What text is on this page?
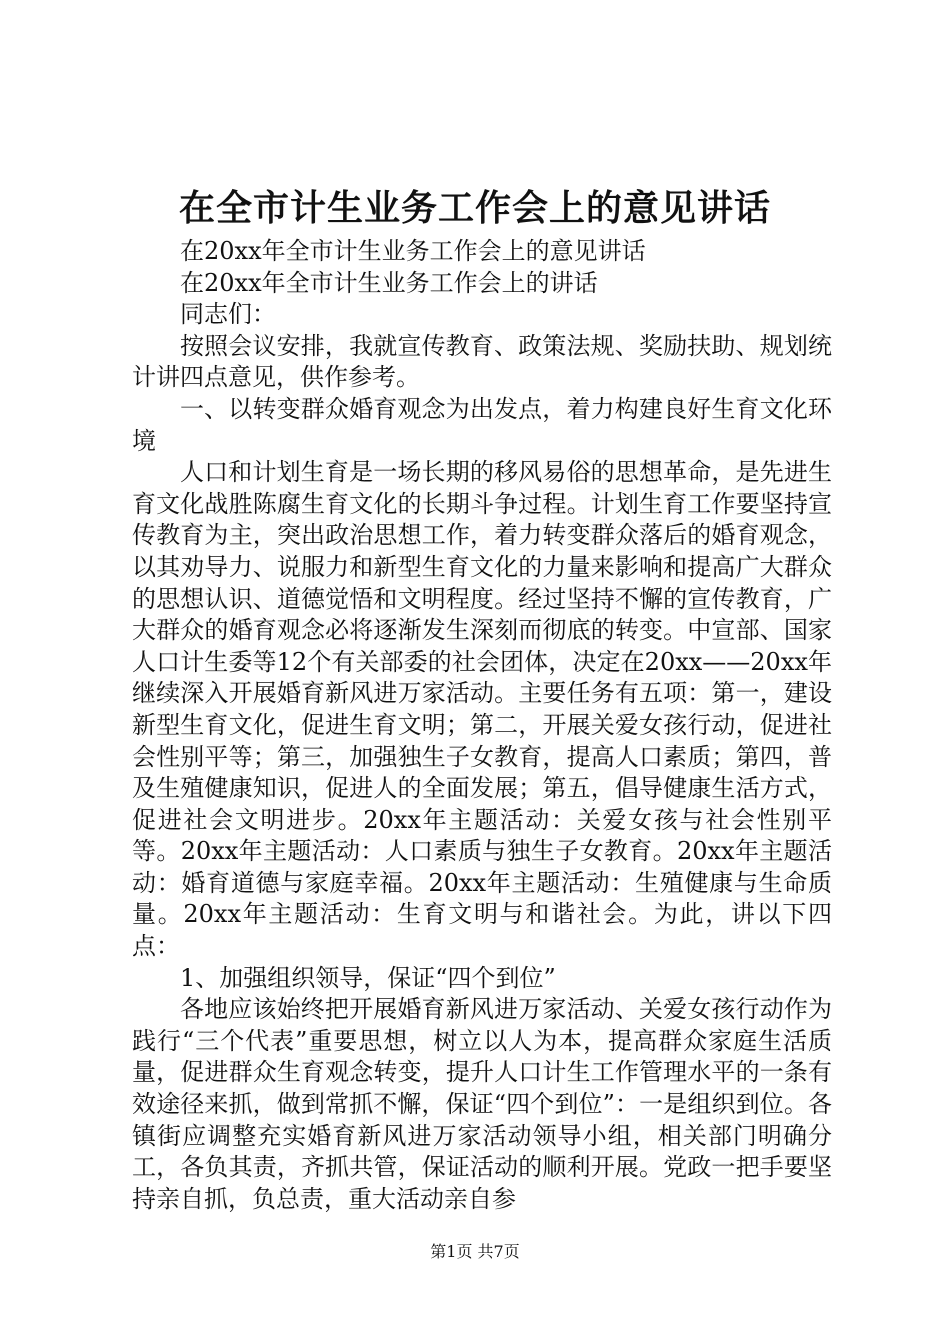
在全市计生业务工作会上的意见讲话

在20xx年全市计生业务工作会上的意见讲话

在20xx年全市计生业务工作会上的讲话

同志们：

按照会议安排，我就宣传教育、政策法规、奖励扶助、规划统计讲四点意见，供作参考。

一、以转变群众婚育观念为出发点，着力构建良好生育文化环境

人口和计划生育是一场长期的移风易俗的思想革命，是先进生育文化战胜陈腐生育文化的长期斗争过程。计划生育工作要坚持宣传教育为主，突出政治思想工作，着力转变群众落后的婚育观念，以其劝导力、说服力和新型生育文化的力量来影响和提高广大群众的思想认识、道德觉悟和文明程度。经过坚持不懈的宣传教育，广大群众的婚育观念必将逐渐发生深刻而彻底的转变。中宣部、国家人口计生委等12个有关部委的社会团体，决定在20xx——20xx年继续深入开展婚育新风进万家活动。主要任务有五项：第一，建设新型生育文化，促进生育文明；第二，开展关爱女孩行动，促进社会性别平等；第三，加强独生子女教育，提高人口素质；第四，普及生殖健康知识，促进人的全面发展；第五，倡导健康生活方式，促进社会文明进步。20xx年主题活动：关爱女孩与社会性别平等。20xx年主题活动：人口素质与独生子女教育。20xx年主题活动：婚育道德与家庭幸福。20xx年主题活动：生殖健康与生命质量。20xx年主题活动：生育文明与和谐社会。为此，讲以下四点：

1、加强组织领导，保证“四个到位”

各地应该始终把开展婚育新风进万家活动、关爱女孩行动作为践行“三个代表”重要思想，树立以人为本，提高群众家庭生活质量，促进群众生育观念转变，提升人口计生工作管理水平的一条有效途径来抓，做到常抓不懈，保证“四个到位”：一是组织到位。各镇街应调整充实婚育新风进万家活动领导小组，相关部门明确分工，各负其责，齐抓共管，保证活动的顺利开展。党政一把手要坚持亲自抓，负总责，重大活动亲自参

第1页 共7页
